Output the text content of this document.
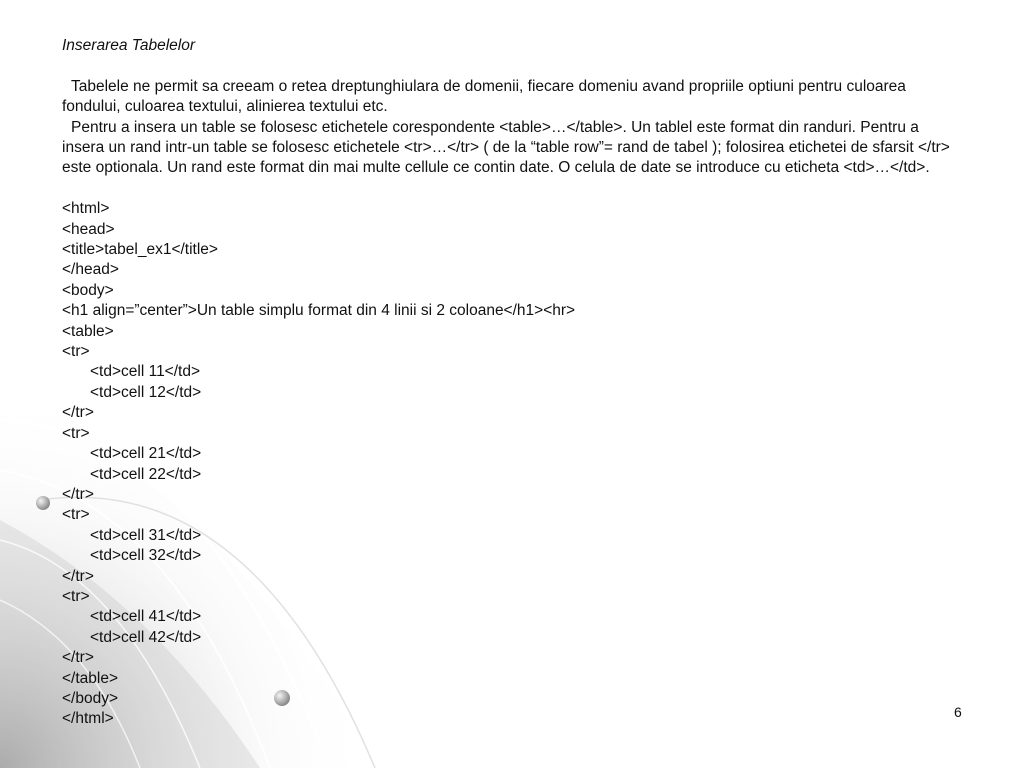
Inserarea Tabelelor

Tabelele ne permit sa creeam o retea dreptunghiulara de domenii, fiecare domeniu avand propriile optiuni pentru culoarea fondului, culoarea textului, alinierea textului etc.

Pentru a insera un table se folosesc etichetele corespondente <table>…</table>. Un tablel este format din randuri. Pentru a insera un rand intr-un table se folosesc etichetele <tr>…</tr> ( de la “table row”= rand de tabel ); folosirea etichetei de sfarsit </tr> este optionala. Un rand este format din mai multe cellule ce contin date. O celula de date se introduce cu eticheta <td>…</td>.

<html>

<head>

<title>tabel_ex1</title>

</head>

<body>

<h1 align=”center”>Un table simplu format din 4 linii si 2 coloane</h1><hr>

<table>

<tr>

<td>cell 11</td>

<td>cell 12</td>

</tr>

<tr>

<td>cell 21</td>

<td>cell 22</td>

</tr>

<tr>

<td>cell 31</td>

<td>cell 32</td>

</tr>

<tr>

<td>cell 41</td>

<td>cell 42</td>

</tr>

</table>

</body>

</html>	6
